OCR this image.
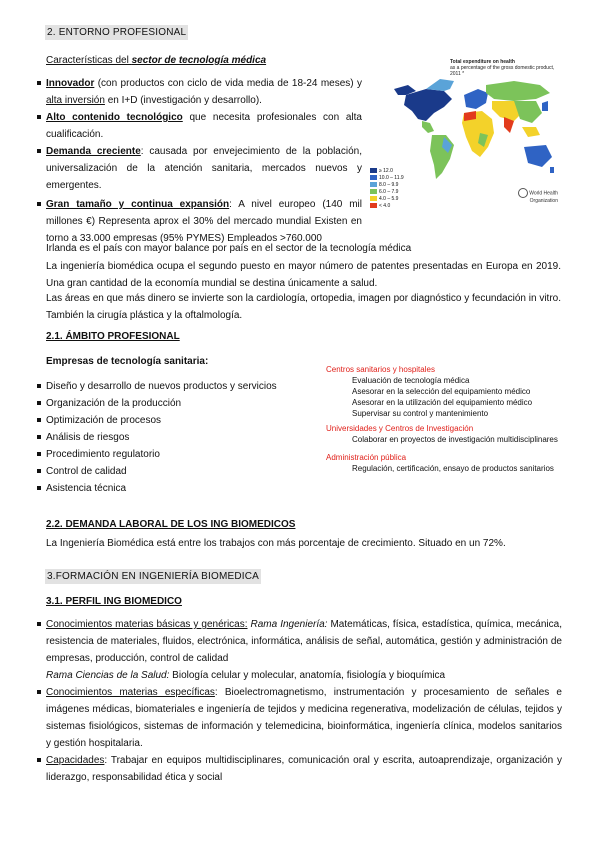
2. ENTORNO PROFESIONAL
Características del sector de tecnología médica
Innovador (con productos con ciclo de vida media de 18-24 meses) y alta inversión en I+D (investigación y desarrollo).
Alto contenido tecnológico que necesita profesionales con alta cualificación.
Demanda creciente: causada por envejecimiento de la población, universalización de la atención sanitaria, mercados nuevos y emergentes.
Gran tamaño y continua expansión: A nivel europeo (140 mil millones €) Representa aprox el 30% del mercado mundial Existen en torno a 33.000 empresas (95% PYMES) Empleados >760.000
Total expenditure on health
as a percentage of the gross domestic product, 2011 *
≥ 12.0
10.0 – 11.9
8.0 – 9.9
6.0 – 7.9
4.0 – 5.9
< 4.0
World Health Organization
Irlanda es el país con mayor balance por país en el sector de la tecnología médica
La ingeniería biomédica ocupa el segundo puesto en mayor número de patentes presentadas en Europa en 2019. Una gran cantidad de la economía mundial se destina únicamente a salud.
Las áreas en que más dinero se invierte son la cardiología, ortopedia, imagen por diagnóstico y fecundación in vitro. También la cirugía plástica y la oftalmología.
2.1. ÁMBITO PROFESIONAL
Empresas de tecnología sanitaria:
Diseño y desarrollo de nuevos productos y servicios
Organización de la producción
Optimización de procesos
Análisis de riesgos
Procedimiento regulatorio
Control de calidad
Asistencia técnica
Centros sanitarios y hospitales
Evaluación de tecnología médica
Asesorar en la selección del equipamiento médico
Asesorar en la utilización del equipamiento médico
Supervisar su control y mantenimiento
Universidades y Centros de Investigación
Colaborar en proyectos de investigación multidisciplinares
Administración pública
Regulación, certificación, ensayo de productos sanitarios
2.2. DEMANDA LABORAL DE LOS ING BIOMEDICOS
La Ingeniería Biomédica está entre los trabajos con más porcentaje de crecimiento. Situado en un 72%.
3.FORMACIÓN EN INGENIERÍA BIOMEDICA
3.1. PERFIL ING BIOMEDICO
Conocimientos materias básicas y genéricas: Rama Ingeniería: Matemáticas, física, estadística, química, mecánica, resistencia de materiales, fluidos, electrónica, informática, análisis de señal, automática, gestión y administración de empresas, producción, control de calidad
Rama Ciencias de la Salud: Biología celular y molecular, anatomía, fisiología y bioquímica
Conocimientos materias específicas: Bioelectromagnetismo, instrumentación y procesamiento de señales e imágenes médicas, biomateriales e ingeniería de tejidos y medicina regenerativa, modelización de células, tejidos y sistemas fisiológicos, sistemas de información y telemedicina, bioinformática, ingeniería clínica, modelos sanitarios y gestión hospitalaria.
Capacidades: Trabajar en equipos multidisciplinares, comunicación oral y escrita, autoaprendizaje, organización y liderazgo, responsabilidad ética y social
